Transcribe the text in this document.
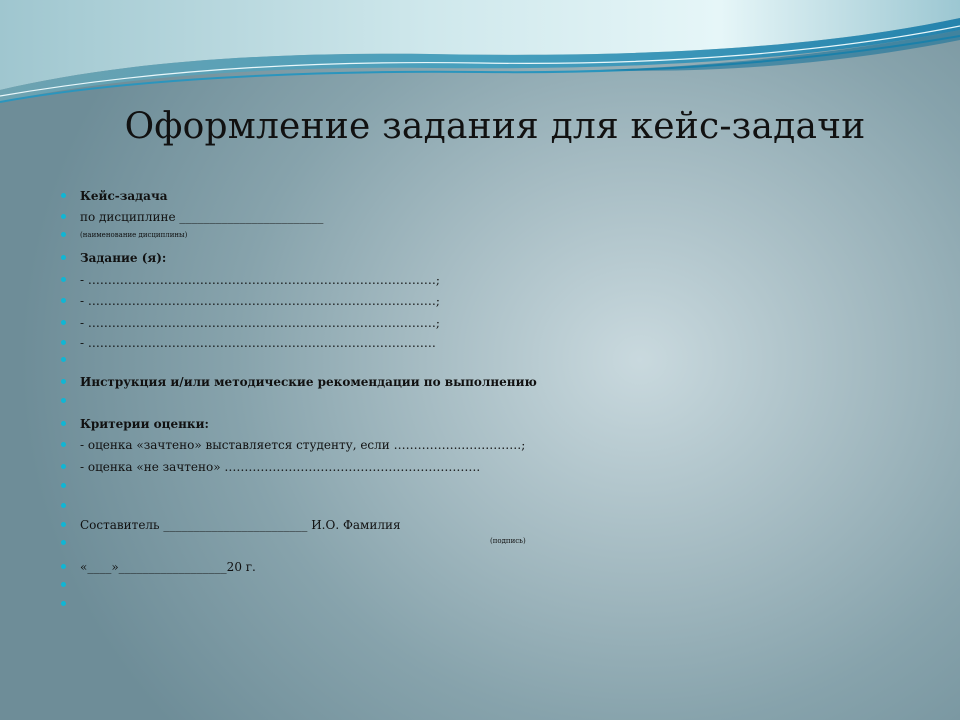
Оформление задания для кейс-задачи
Кейс-задача
по дисциплине ________________________
(наименование дисциплины)
Задание (я):
- ……………………………………………………………………………;
- ……………………………………………………………………………;
- ……………………………………………………………………………;
- ……………………………………………………………………………
Инструкция и/или методические рекомендации по выполнению
Критерии оценки:
- оценка «зачтено» выставляется студенту, если ……………..……………;
- оценка «не зачтено» ……………………………………………………….
Составитель ________________________ И.О. Фамилия
«____»__________________20 г.
(подпись)
